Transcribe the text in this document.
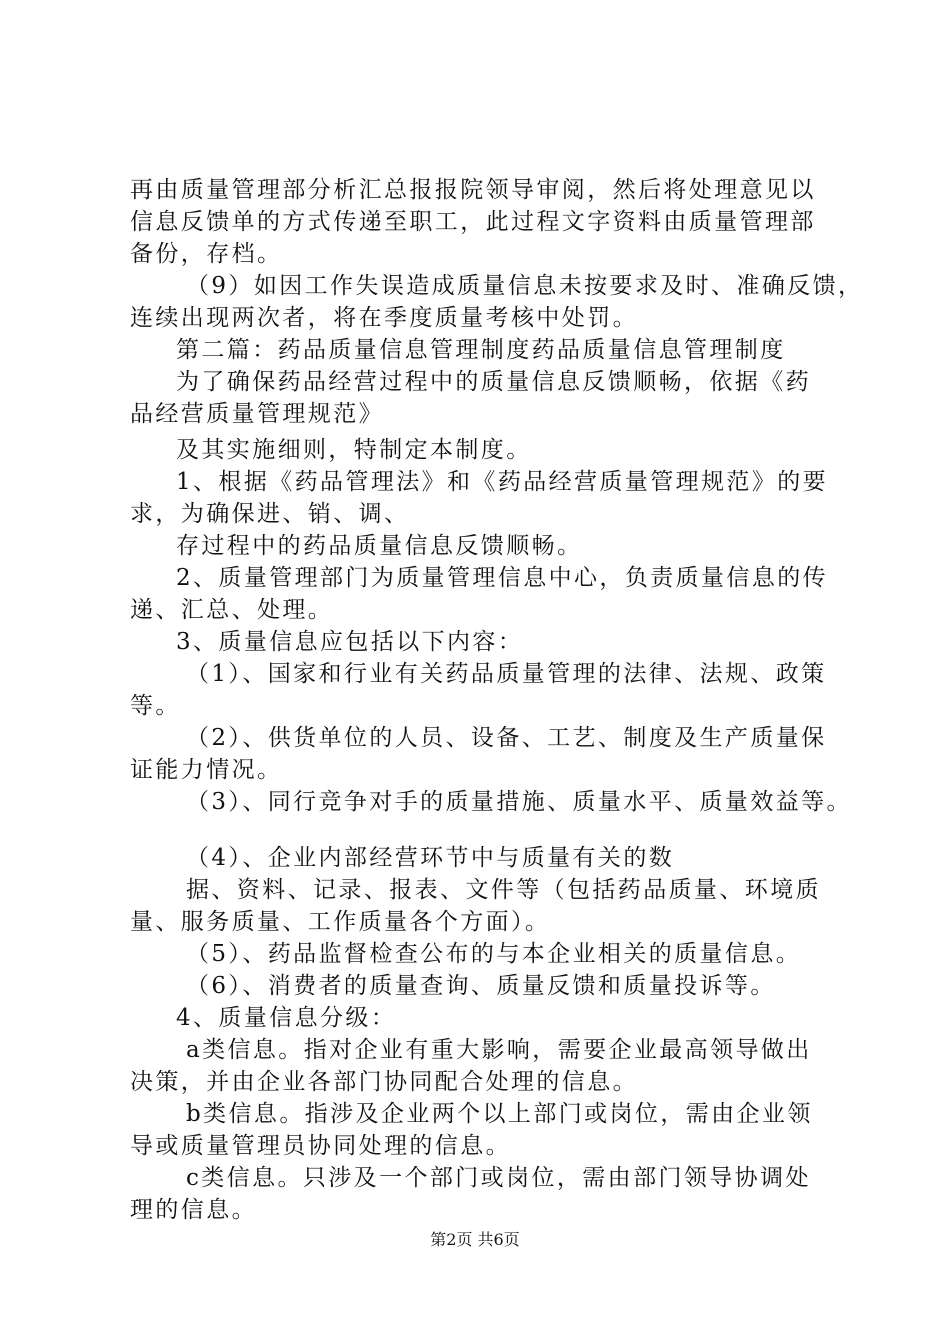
再由质量管理部分析汇总报报院领导审阅，然后将处理意见以
信息反馈单的方式传递至职工，此过程文字资料由质量管理部
备份，存档。
（9）如因工作失误造成质量信息未按要求及时、准确反馈，
连续出现两次者，将在季度质量考核中处罚。
第二篇：药品质量信息管理制度药品质量信息管理制度
为了确保药品经营过程中的质量信息反馈顺畅，依据《药
品经营质量管理规范》
及其实施细则，特制定本制度。
1、根据《药品管理法》和《药品经营质量管理规范》的要
求，为确保进、销、调、
存过程中的药品质量信息反馈顺畅。
2、质量管理部门为质量管理信息中心，负责质量信息的传
递、汇总、处理。
3、质量信息应包括以下内容：
（1）、国家和行业有关药品质量管理的法律、法规、政策
等。
（2）、供货单位的人员、设备、工艺、制度及生产质量保
证能力情况。
（3）、同行竞争对手的质量措施、质量水平、质量效益等。
（4）、企业内部经营环节中与质量有关的数
据、资料、记录、报表、文件等（包括药品质量、环境质
量、服务质量、工作质量各个方面）。
（5）、药品监督检查公布的与本企业相关的质量信息。
（6）、消费者的质量查询、质量反馈和质量投诉等。
4、质量信息分级：
a类信息。指对企业有重大影响，需要企业最高领导做出
决策，并由企业各部门协同配合处理的信息。
b类信息。指涉及企业两个以上部门或岗位，需由企业领
导或质量管理员协同处理的信息。
c类信息。只涉及一个部门或岗位，需由部门领导协调处
理的信息。
第2页 共6页
